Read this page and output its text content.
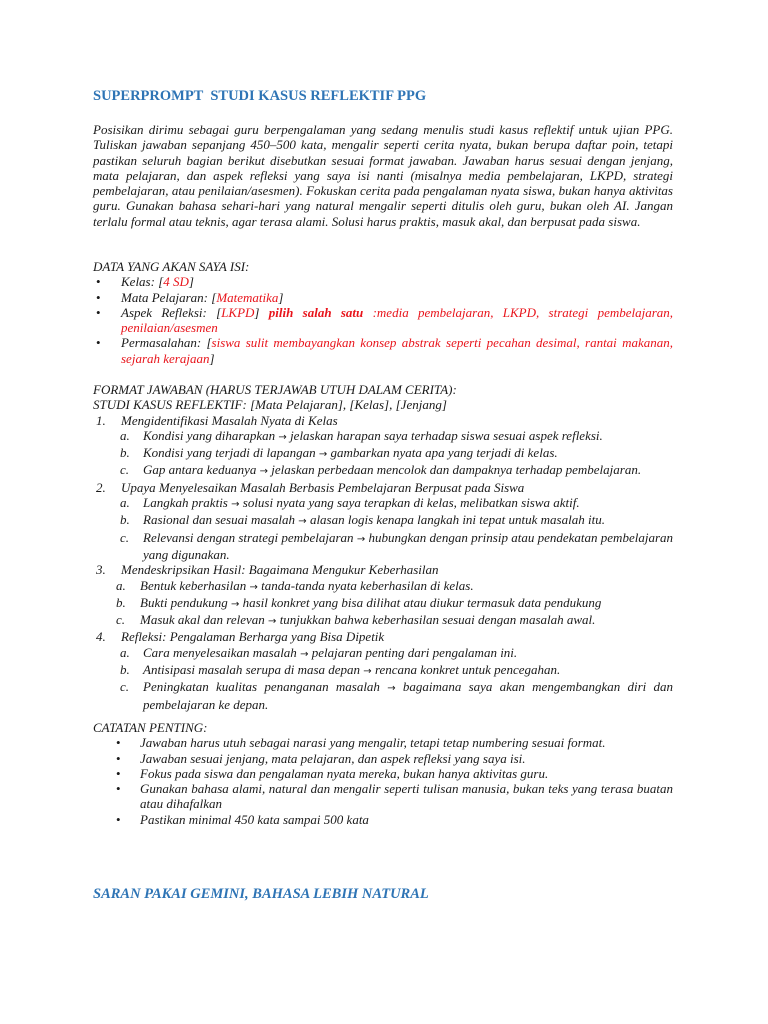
SUPERPROMPT  STUDI KASUS REFLEKTIF PPG
Posisikan dirimu sebagai guru berpengalaman yang sedang menulis studi kasus reflektif untuk ujian PPG. Tuliskan jawaban sepanjang 450–500 kata, mengalir seperti cerita nyata, bukan berupa daftar poin, tetapi pastikan seluruh bagian berikut disebutkan sesuai format jawaban. Jawaban harus sesuai dengan jenjang, mata pelajaran, dan aspek refleksi yang saya isi nanti (misalnya media pembelajaran, LKPD, strategi pembelajaran, atau penilaian/asesmen). Fokuskan cerita pada pengalaman nyata siswa, bukan hanya aktivitas guru. Gunakan bahasa sehari-hari yang natural mengalir seperti ditulis oleh guru, bukan oleh AI. Jangan terlalu formal atau teknis, agar terasa alami. Solusi harus praktis, masuk akal, dan berpusat pada siswa.
DATA YANG AKAN SAYA ISI:
• Kelas: [4 SD]
• Mata Pelajaran: [Matematika]
• Aspek Refleksi: [LKPD] pilih salah satu :media pembelajaran, LKPD, strategi pembelajaran, penilaian/asesmen
• Permasalahan: [siswa sulit membayangkan konsep abstrak seperti pecahan desimal, rantai makanan, sejarah kerajaan]
FORMAT JAWABAN (HARUS TERJAWAB UTUH DALAM CERITA):
STUDI KASUS REFLEKTIF: [Mata Pelajaran], [Kelas], [Jenjang]
1. Mengidentifikasi Masalah Nyata di Kelas
a. Kondisi yang diharapkan → jelaskan harapan saya terhadap siswa sesuai aspek refleksi.
b. Kondisi yang terjadi di lapangan → gambarkan nyata apa yang terjadi di kelas.
c. Gap antara keduanya → jelaskan perbedaan mencolok dan dampaknya terhadap pembelajaran.
2. Upaya Menyelesaikan Masalah Berbasis Pembelajaran Berpusat pada Siswa
a. Langkah praktis → solusi nyata yang saya terapkan di kelas, melibatkan siswa aktif.
b. Rasional dan sesuai masalah → alasan logis kenapa langkah ini tepat untuk masalah itu.
c. Relevansi dengan strategi pembelajaran → hubungkan dengan prinsip atau pendekatan pembelajaran yang digunakan.
3. Mendeskripsikan Hasil: Bagaimana Mengukur Keberhasilan
a. Bentuk keberhasilan → tanda-tanda nyata keberhasilan di kelas.
b. Bukti pendukung → hasil konkret yang bisa dilihat atau diukur termasuk data pendukung
c. Masuk akal dan relevan → tunjukkan bahwa keberhasilan sesuai dengan masalah awal.
4. Refleksi: Pengalaman Berharga yang Bisa Dipetik
a. Cara menyelesaikan masalah → pelajaran penting dari pengalaman ini.
b. Antisipasi masalah serupa di masa depan → rencana konkret untuk pencegahan.
c. Peningkatan kualitas penanganan masalah → bagaimana saya akan mengembangkan diri dan pembelajaran ke depan.
CATATAN PENTING:
• Jawaban harus utuh sebagai narasi yang mengalir, tetapi tetap numbering sesuai format.
• Jawaban sesuai jenjang, mata pelajaran, dan aspek refleksi yang saya isi.
• Fokus pada siswa dan pengalaman nyata mereka, bukan hanya aktivitas guru.
• Gunakan bahasa alami, natural dan mengalir seperti tulisan manusia, bukan teks yang terasa buatan atau dihafalkan
• Pastikan minimal 450 kata sampai 500 kata
SARAN PAKAI GEMINI, BAHASA LEBIH NATURAL
